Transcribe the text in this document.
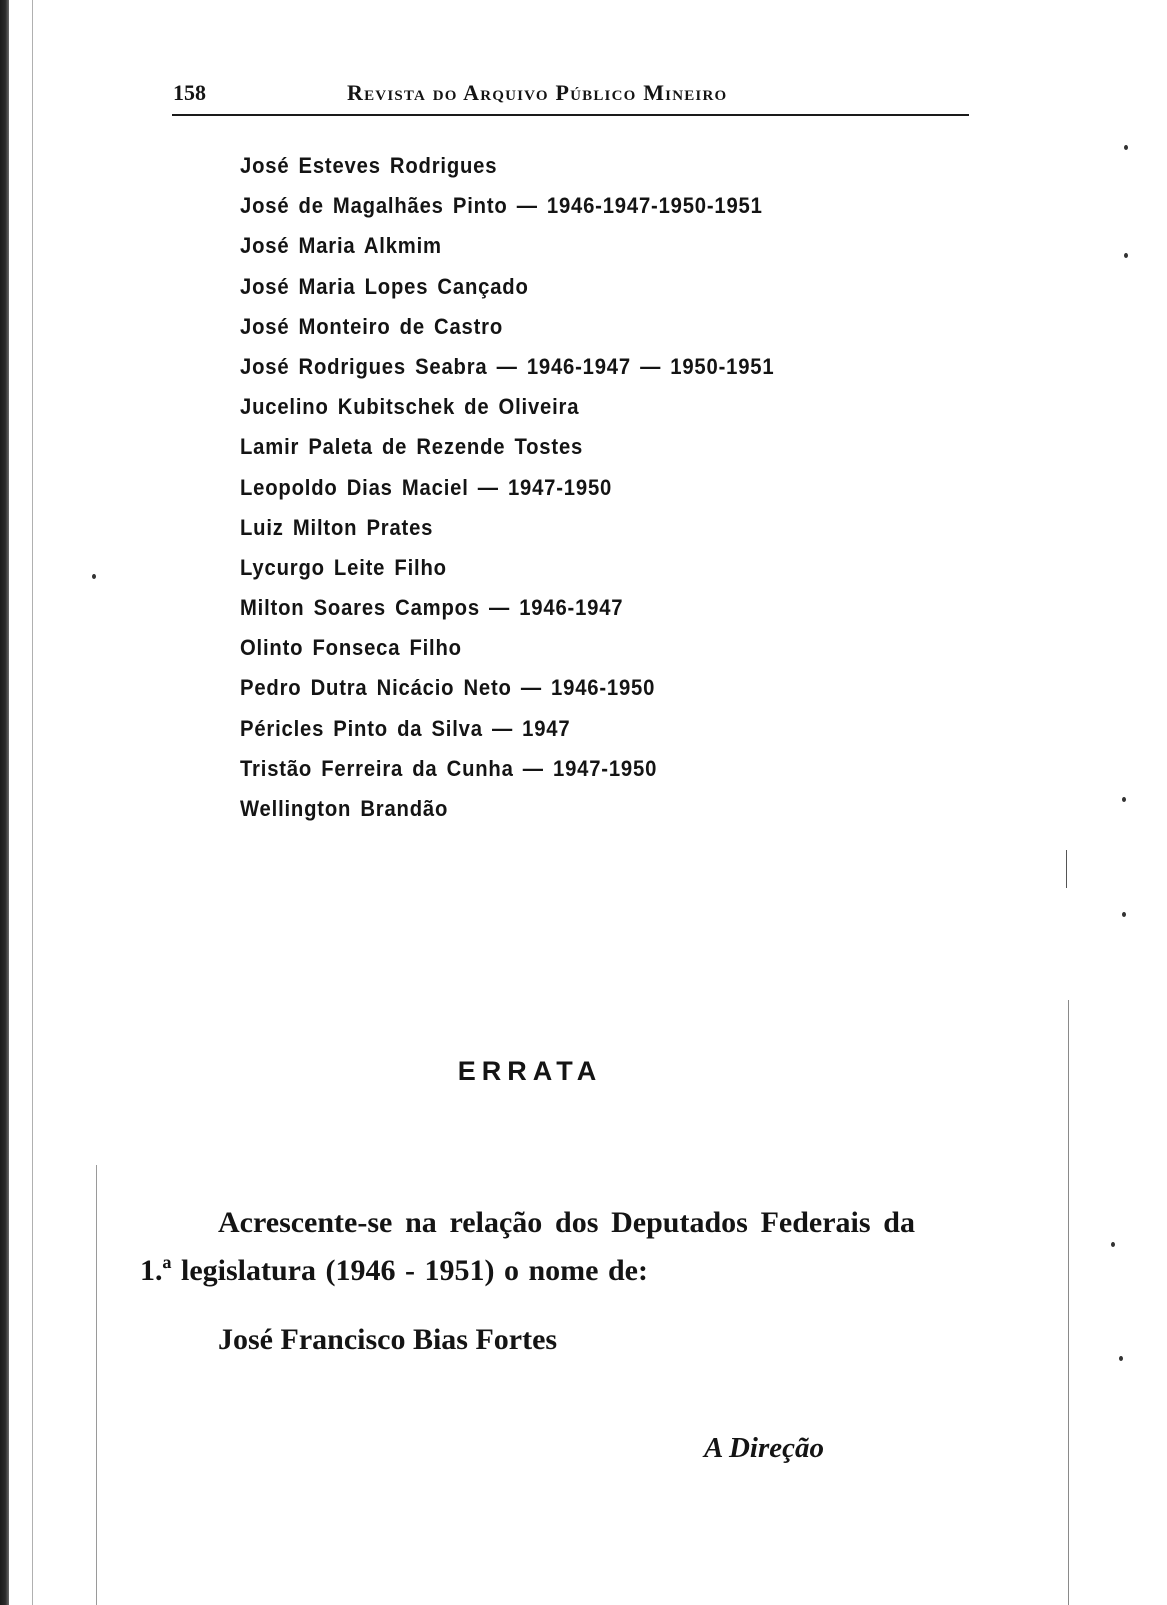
158	Revista do Arquivo Público Mineiro
José Esteves Rodrigues
José de Magalhães Pinto — 1946-1947-1950-1951
José Maria Alkmim
José Maria Lopes Cançado
José Monteiro de Castro
José Rodrigues Seabra — 1946-1947 — 1950-1951
Jucelino Kubitschek de Oliveira
Lamir Paleta de Rezende Tostes
Leopoldo Dias Maciel — 1947-1950
Luiz Milton Prates
Lycurgo Leite Filho
Milton Soares Campos — 1946-1947
Olinto Fonseca Filho
Pedro Dutra Nicácio Neto — 1946-1950
Péricles Pinto da Silva — 1947
Tristão Ferreira da Cunha — 1947-1950
Wellington Brandão
ERRATA

Acrescente-se na relação dos Deputados Federais da 1.ª legislatura (1946 - 1951) o nome de:

José Francisco Bias Fortes
A Direção
